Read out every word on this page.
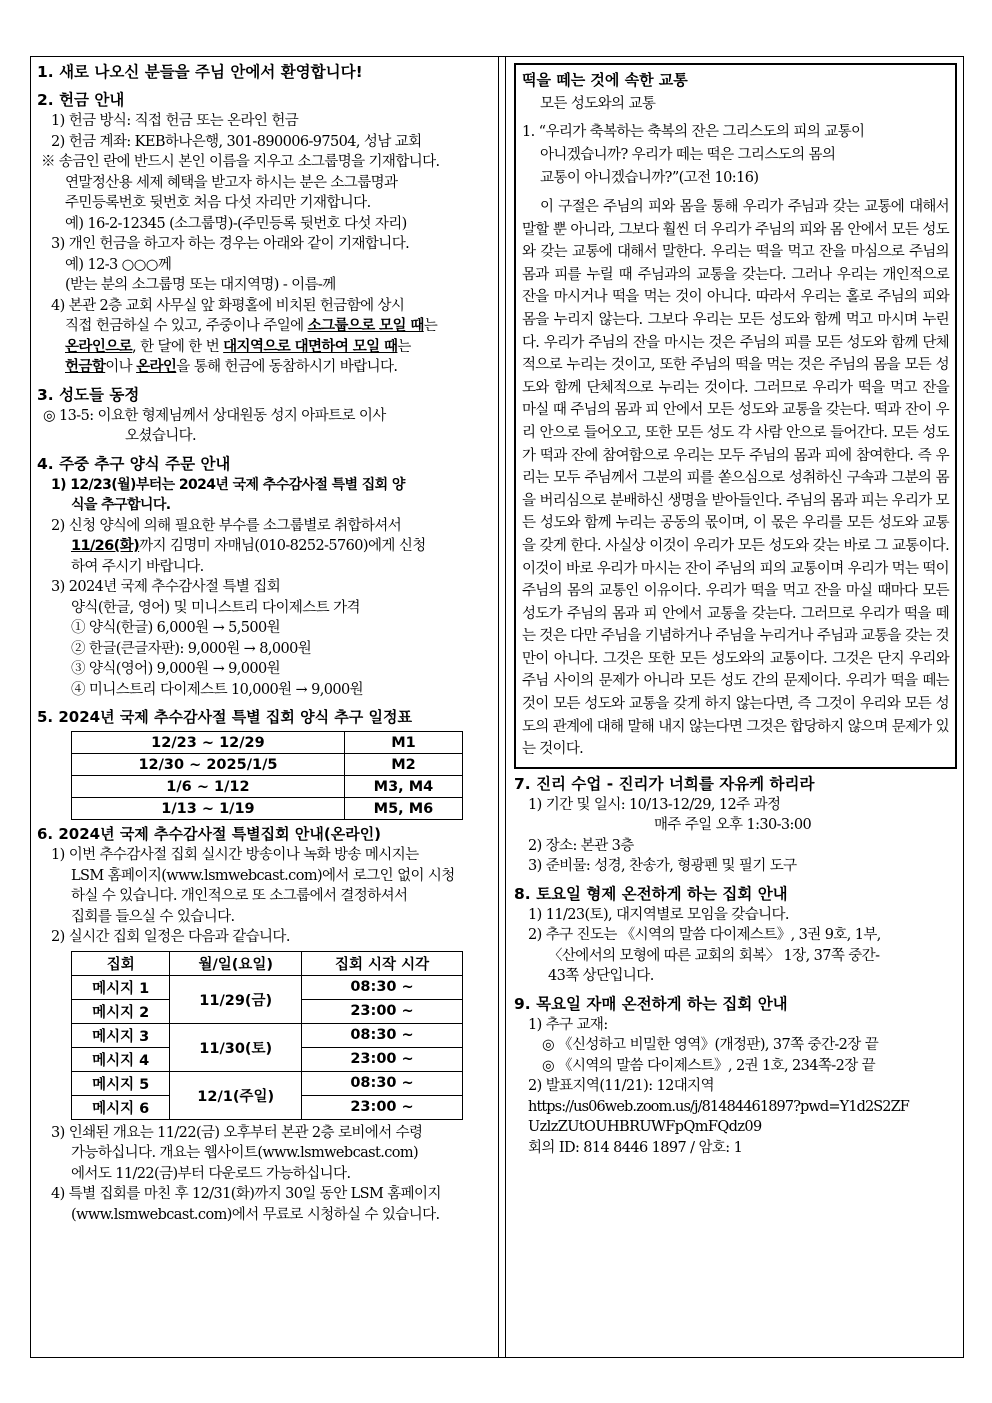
1. 새로 나오신 분들을 주님 안에서 환영합니다!
2. 헌금 안내
1) 헌금 방식: 직접 헌금 또는 온라인 헌금
2) 헌금 계좌: KEB하나은행, 301-890006-97504, 성남 교회
※ 송금인 란에 반드시 본인 이름을 지우고 소그룹명을 기재합니다.
연말정산용 세제 혜택을 받고자 하시는 분은 소그룹명과
주민등록번호 뒷번호 처음 다섯 자리만 기재합니다.
예) 16-2-12345 (소그룹명)-(주민등록 뒷번호 다섯 자리)
3) 개인 헌금을 하고자 하는 경우는 아래와 같이 기재합니다.
예) 12-3 ○○○께
(받는 분의 소그룹명 또는 대지역명) - 이름-께
4) 본관 2층 교회 사무실 앞 화평홀에 비치된 헌금함에 상시
직접 헌금하실 수 있고, 주중이나 주일에 소그룹으로 모일 때는
온라인으로, 한 달에 한 번 대지역으로 대면하여 모일 때는
헌금함이나 온라인을 통해 헌금에 동참하시기 바랍니다.
3. 성도들 동정
◎ 13-5: 이요한 형제님께서 상대원동 성지 아파트로 이사
오셨습니다.
4. 주중 추구 양식 주문 안내
1) 12/23(월)부터는 2024년 국제 추수감사절 특별 집회 양
식을 추구합니다.
2) 신청 양식에 의해 필요한 부수를 소그룹별로 취합하셔서
11/26(화)까지 김명미 자매님(010-8252-5760)에게 신청
하여 주시기 바랍니다.
3) 2024년 국제 추수감사절 특별 집회
양식(한글, 영어) 및 미니스트리 다이제스트 가격
① 양식(한글) 6,000원 → 5,500원
② 한글(큰글자판): 9,000원 → 8,000원
③ 양식(영어) 9,000원 → 9,000원
④ 미니스트리 다이제스트 10,000원 → 9,000원
5. 2024년 국제 추수감사절 특별 집회 양식 추구 일정표
12/23 ~ 12/29	M1
12/30 ~ 2025/1/5	M2
1/6 ~ 1/12	M3, M4
1/13 ~ 1/19	M5, M6
6. 2024년 국제 추수감사절 특별집회 안내(온라인)
1) 이번 추수감사절 집회 실시간 방송이나 녹화 방송 메시지는
LSM 홈페이지(www.lsmwebcast.com)에서 로그인 없이 시청
하실 수 있습니다. 개인적으로 또 소그룹에서 결정하셔서
집회를 들으실 수 있습니다.
2) 실시간 집회 일정은 다음과 같습니다.
집회	월/일(요일)	집회 시작 시각
메시지 1	11/29(금)	08:30 ~
메시지 2		23:00 ~
메시지 3	11/30(토)	08:30 ~
메시지 4		23:00 ~
메시지 5	12/1(주일)	08:30 ~
메시지 6		23:00 ~
3) 인쇄된 개요는 11/22(금) 오후부터 본관 2층 로비에서 수령
가능하십니다. 개요는 웹사이트(www.lsmwebcast.com)
에서도 11/22(금)부터 다운로드 가능하십니다.
4) 특별 집회를 마친 후 12/31(화)까지 30일 동안 LSM 홈페이지
(www.lsmwebcast.com)에서 무료로 시청하실 수 있습니다.
떡을 떼는 것에 속한 교통
모든 성도와의 교통
1. “우리가 축복하는 축복의 잔은 그리스도의 피의 교통이
아니겠습니까? 우리가 떼는 떡은 그리스도의 몸의
교통이 아니겠습니까?”(고전 10:16)
이 구절은 주님의 피와 몸을 통해 우리가 주님과 갖는 교통에 대해서 말할 뿐 아니라, 그보다 훨씬 더 우리가 주님의 피와 몸 안에서 모든 성도와 갖는 교통에 대해서 말한다. 우리는 떡을 먹고 잔을 마심으로 주님의 몸과 피를 누릴 때 주님과의 교통을 갖는다. 그러나 우리는 개인적으로 잔을 마시거나 떡을 먹는 것이 아니다. 따라서 우리는 홀로 주님의 피와 몸을 누리지 않는다. 그보다 우리는 모든 성도와 함께 먹고 마시며 누린다. 우리가 주님의 잔을 마시는 것은 주님의 피를 모든 성도와 함께 단체적으로 누리는 것이고, 또한 주님의 떡을 먹는 것은 주님의 몸을 모든 성도와 함께 단체적으로 누리는 것이다. 그러므로 우리가 떡을 먹고 잔을 마실 때 주님의 몸과 피 안에서 모든 성도와 교통을 갖는다. 떡과 잔이 우리 안으로 들어오고, 또한 모든 성도 각 사람 안으로 들어간다. 모든 성도가 떡과 잔에 참여함으로 우리는 모두 주님의 몸과 피에 참여한다. 즉 우리는 모두 주님께서 그분의 피를 쏟으심으로 성취하신 구속과 그분의 몸을 버리심으로 분배하신 생명을 받아들인다. 주님의 몸과 피는 우리가 모든 성도와 함께 누리는 공동의 몫이며, 이 몫은 우리를 모든 성도와 교통을 갖게 한다. 사실상 이것이 우리가 모든 성도와 갖는 바로 그 교통이다. 이것이 바로 우리가 마시는 잔이 주님의 피의 교통이며 우리가 먹는 떡이 주님의 몸의 교통인 이유이다. 우리가 떡을 먹고 잔을 마실 때마다 모든 성도가 주님의 몸과 피 안에서 교통을 갖는다. 그러므로 우리가 떡을 떼는 것은 다만 주님을 기념하거나 주님을 누리거나 주님과 교통을 갖는 것만이 아니다. 그것은 또한 모든 성도와의 교통이다. 그것은 단지 우리와 주님 사이의 문제가 아니라 모든 성도 간의 문제이다. 우리가 떡을 떼는 것이 모든 성도와 교통을 갖게 하지 않는다면, 즉 그것이 우리와 모든 성도의 관계에 대해 말해 내지 않는다면 그것은 합당하지 않으며 문제가 있는 것이다.
7. 진리 수업 - 진리가 너희를 자유케 하리라
1) 기간 및 일시: 10/13-12/29, 12주 과정
매주 주일 오후 1:30-3:00
2) 장소: 본관 3층
3) 준비물: 성경, 찬송가, 형광펜 및 필기 도구
8. 토요일 형제 온전하게 하는 집회 안내
1) 11/23(토), 대지역별로 모임을 갖습니다.
2) 추구 진도는 《시역의 말씀 다이제스트》, 3권 9호, 1부,
〈산에서의 모형에 따른 교회의 회복〉 1장, 37쪽 중간-
43쪽 상단입니다.
9. 목요일 자매 온전하게 하는 집회 안내
1) 추구 교재:
◎ 《신성하고 비밀한 영역》(개정판), 37쪽 중간-2장 끝
◎ 《시역의 말씀 다이제스트》, 2권 1호, 234쪽-2장 끝
2) 발표지역(11/21): 12대지역
https://us06web.zoom.us/j/81484461897?pwd=Y1d2S2ZF
UzlzZUtOUHBRUWFpQmFQdz09
회의 ID: 814 8446 1897 / 암호: 1
